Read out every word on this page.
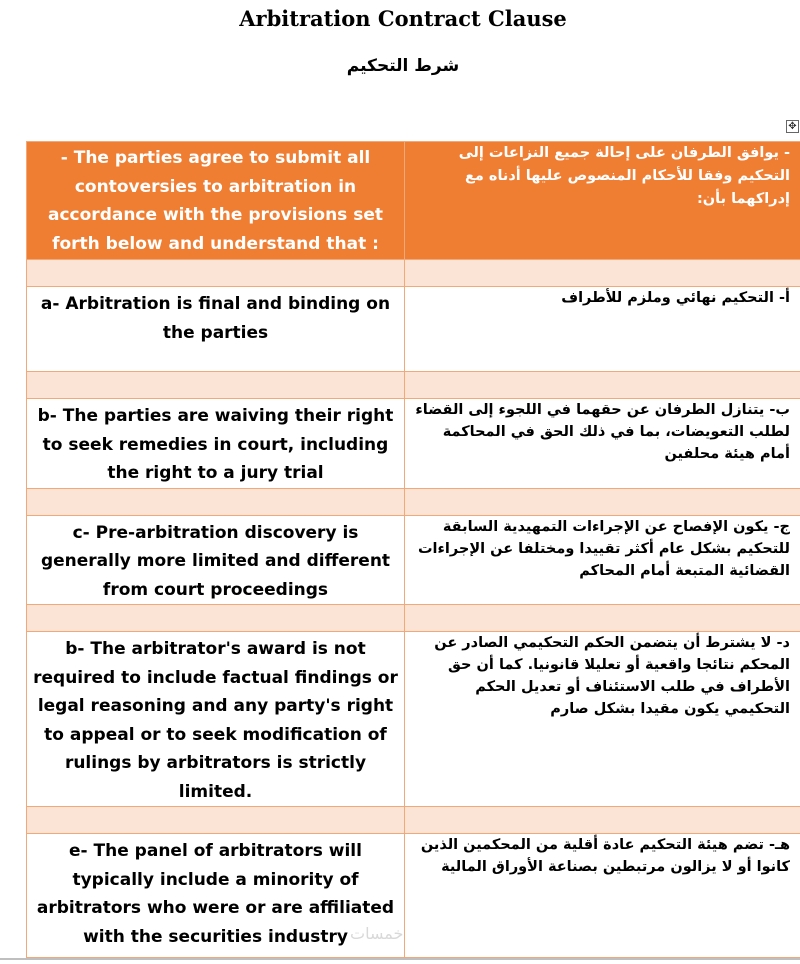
Arbitration Contract Clause
شرط التحكيم
✥
- The parties agree to submit all contoversies to arbitration in accordance with the provisions set forth below and understand that :	- يوافق الطرفان على إحالة جميع النزاعات إلى التحكيم وفقا للأحكام المنصوص عليها أدناه مع إدراكهما بأن:

a- Arbitration is final and binding on the parties	أ- التحكيم نهائي وملزم للأطراف

b- The parties are waiving their right to seek remedies in court, including the right to a jury trial	ب- يتنازل الطرفان عن حقهما في اللجوء إلى القضاء لطلب التعويضات، بما في ذلك الحق في المحاكمة أمام هيئة محلفين

c- Pre-arbitration discovery is generally more limited and different from court proceedings	ج- يكون الإفصاح عن الإجراءات التمهيدية السابقة للتحكيم بشكل عام أكثر تقييدا ومختلفا عن الإجراءات القضائية المتبعة أمام المحاكم

b- The arbitrator's award is not required to include factual findings or legal reasoning and any party's right to appeal or to seek modification of rulings by arbitrators is strictly limited.	د- لا يشترط أن يتضمن الحكم التحكيمي الصادر عن المحكم نتائجا واقعية أو تعليلا قانونيا. كما أن حق الأطراف في طلب الاستئناف أو تعديل الحكم التحكيمي يكون مقيدا بشكل صارم

e- The panel of arbitrators will typically include a minority of arbitrators who were or are affiliated with the securities industry	هـ- تضم هيئة التحكيم عادة أقلية من المحكمين الذين كانوا أو لا يزالون مرتبطين بصناعة الأوراق المالية
خمسات
